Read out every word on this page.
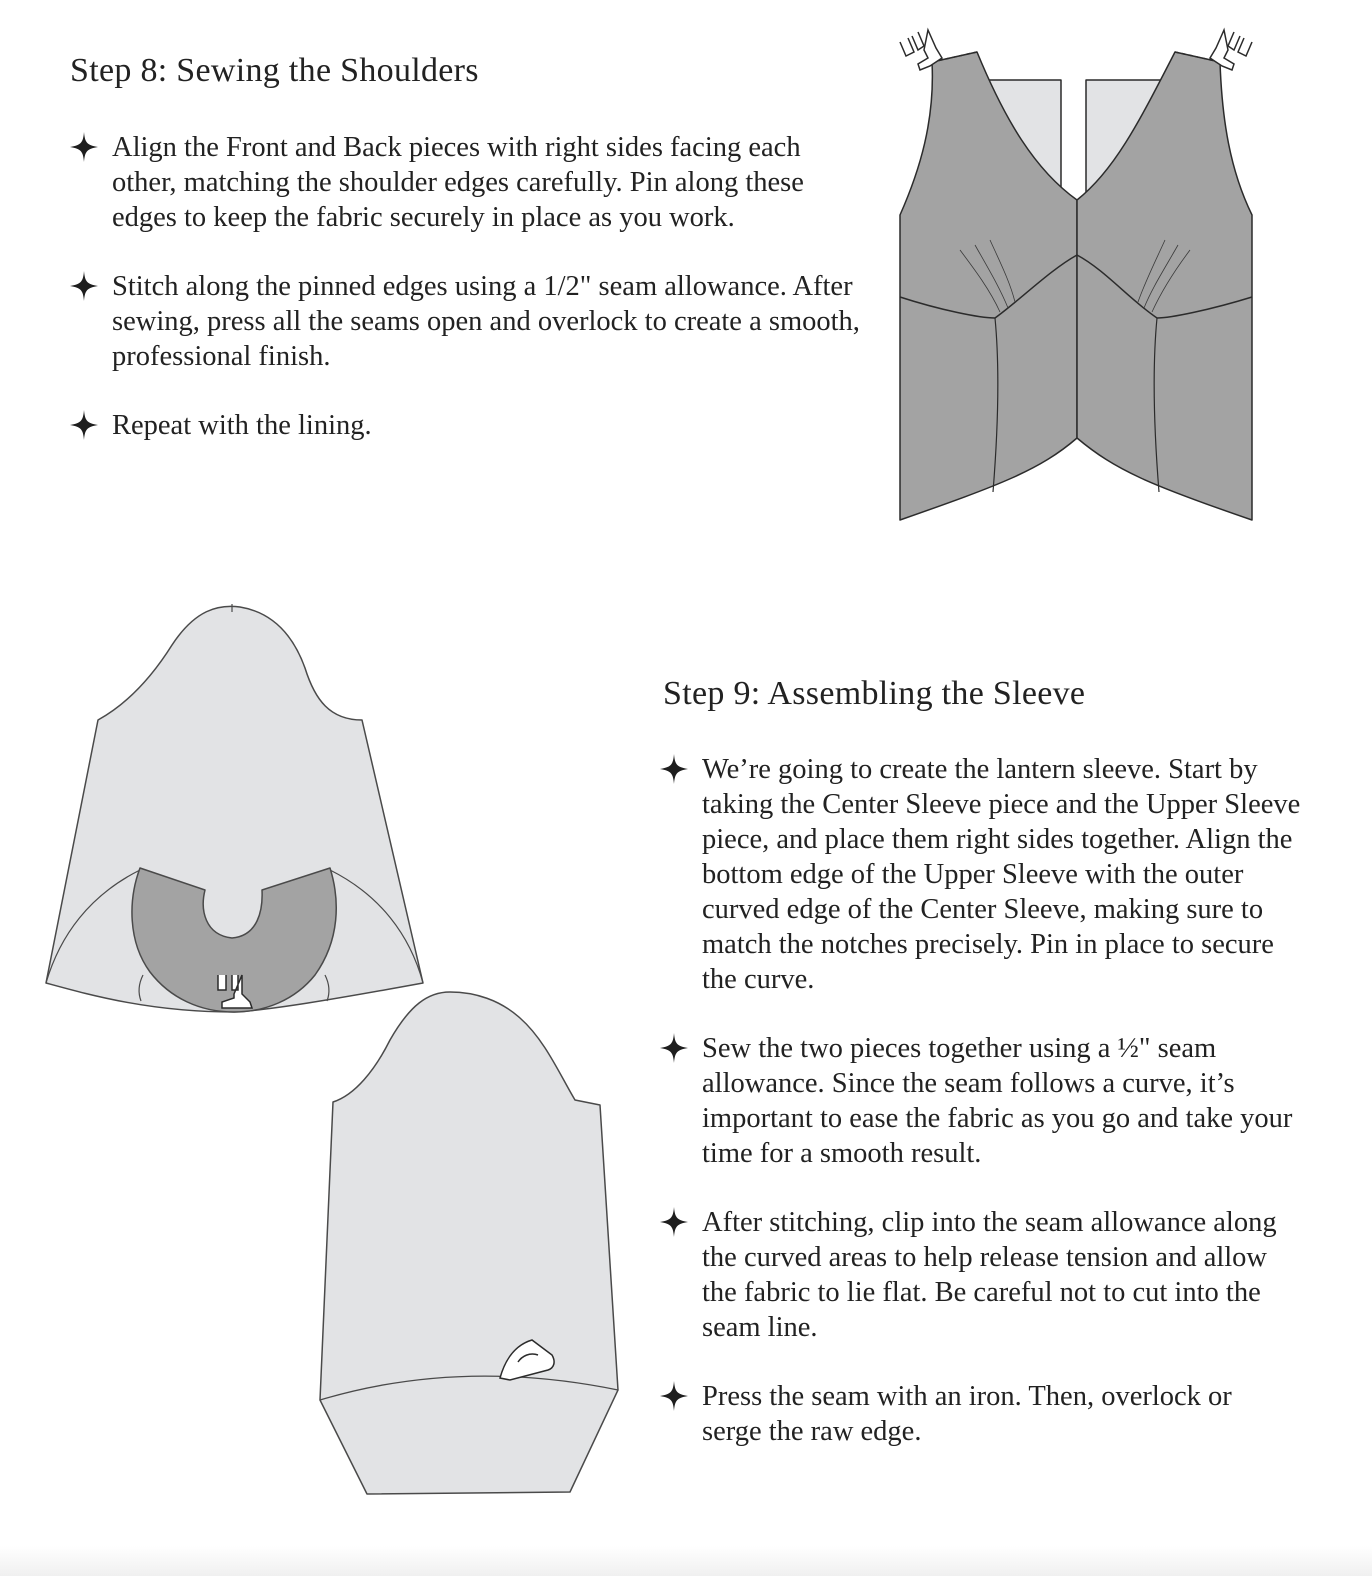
Step 8: Sewing the Shoulders
Align the Front and Back pieces with right sides facing each other, matching the shoulder edges carefully. Pin along these edges to keep the fabric securely in place as you work.
Stitch along the pinned edges using a 1/2" seam allowance. After sewing, press all the seams open and overlock to create a smooth, professional finish.
Repeat with the lining.
Step 9: Assembling the Sleeve
We’re going to create the lantern sleeve. Start by taking the Center Sleeve piece and the Upper Sleeve piece, and place them right sides together. Align the bottom edge of the Upper Sleeve with the outer curved edge of the Center Sleeve, making sure to match the notches precisely. Pin in place to secure the curve.
Sew the two pieces together using a ½" seam allowance. Since the seam follows a curve, it’s important to ease the fabric as you go and take your time for a smooth result.
After stitching, clip into the seam allowance along the curved areas to help release tension and allow the fabric to lie flat. Be careful not to cut into the seam line.
Press the seam with an iron. Then, overlock or serge the raw edge.
